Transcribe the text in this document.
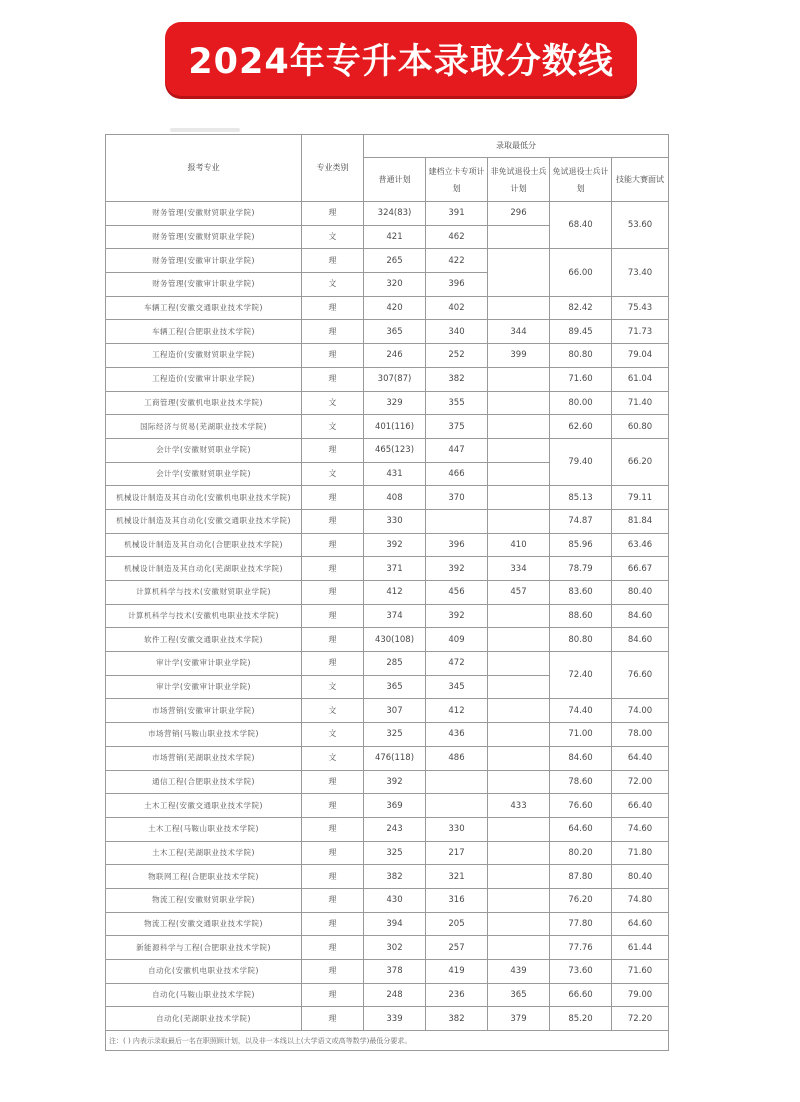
2024年专升本录取分数线
报考专业	专业类别	录取最低分				
		普通计划	建档立卡专项计划	非免试退役士兵计划	免试退役士兵计划	技能大赛面试
财务管理(安徽财贸职业学院)	理	324(83)	391	296	68.40	53.60
财务管理(安徽财贸职业学院)	文	421	462			
财务管理(安徽审计职业学院)	理	265	422		66.00	73.40
财务管理(安徽审计职业学院)	文	320	396			
车辆工程(安徽交通职业技术学院)	理	420	402		82.42	75.43
车辆工程(合肥职业技术学院)	理	365	340	344	89.45	71.73
工程造价(安徽财贸职业学院)	理	246	252	399	80.80	79.04
工程造价(安徽审计职业学院)	理	307(87)	382		71.60	61.04
工商管理(安徽机电职业技术学院)	文	329	355		80.00	71.40
国际经济与贸易(芜湖职业技术学院)	文	401(116)	375		62.60	60.80
会计学(安徽财贸职业学院)	理	465(123)	447		79.40	66.20
会计学(安徽财贸职业学院)	文	431	466			
机械设计制造及其自动化(安徽机电职业技术学院)	理	408	370		85.13	79.11
机械设计制造及其自动化(安徽交通职业技术学院)	理	330			74.87	81.84
机械设计制造及其自动化(合肥职业技术学院)	理	392	396	410	85.96	63.46
机械设计制造及其自动化(芜湖职业技术学院)	理	371	392	334	78.79	66.67
计算机科学与技术(安徽财贸职业学院)	理	412	456	457	83.60	80.40
计算机科学与技术(安徽机电职业技术学院)	理	374	392		88.60	84.60
软件工程(安徽交通职业技术学院)	理	430(108)	409		80.80	84.60
审计学(安徽审计职业学院)	理	285	472		72.40	76.60
审计学(安徽审计职业学院)	文	365	345			
市场营销(安徽审计职业学院)	文	307	412		74.40	74.00
市场营销(马鞍山职业技术学院)	文	325	436		71.00	78.00
市场营销(芜湖职业技术学院)	文	476(118)	486		84.60	64.40
通信工程(合肥职业技术学院)	理	392			78.60	72.00
土木工程(安徽交通职业技术学院)	理	369		433	76.60	66.40
土木工程(马鞍山职业技术学院)	理	243	330		64.60	74.60
土木工程(芜湖职业技术学院)	理	325	217		80.20	71.80
物联网工程(合肥职业技术学院)	理	382	321		87.80	80.40
物流工程(安徽财贸职业学院)	理	430	316		76.20	74.80
物流工程(安徽交通职业技术学院)	理	394	205		77.80	64.60
新能源科学与工程(合肥职业技术学院)	理	302	257		77.76	61.44
自动化(安徽机电职业技术学院)	理	378	419	439	73.60	71.60
自动化(马鞍山职业技术学院)	理	248	236	365	66.60	79.00
自动化(芜湖职业技术学院)	理	339	382	379	85.20	72.20
注：( ) 内表示录取最后一名在职照顾计划，以及非一本线以上(大学语文或高等数学)最低分要求。						
